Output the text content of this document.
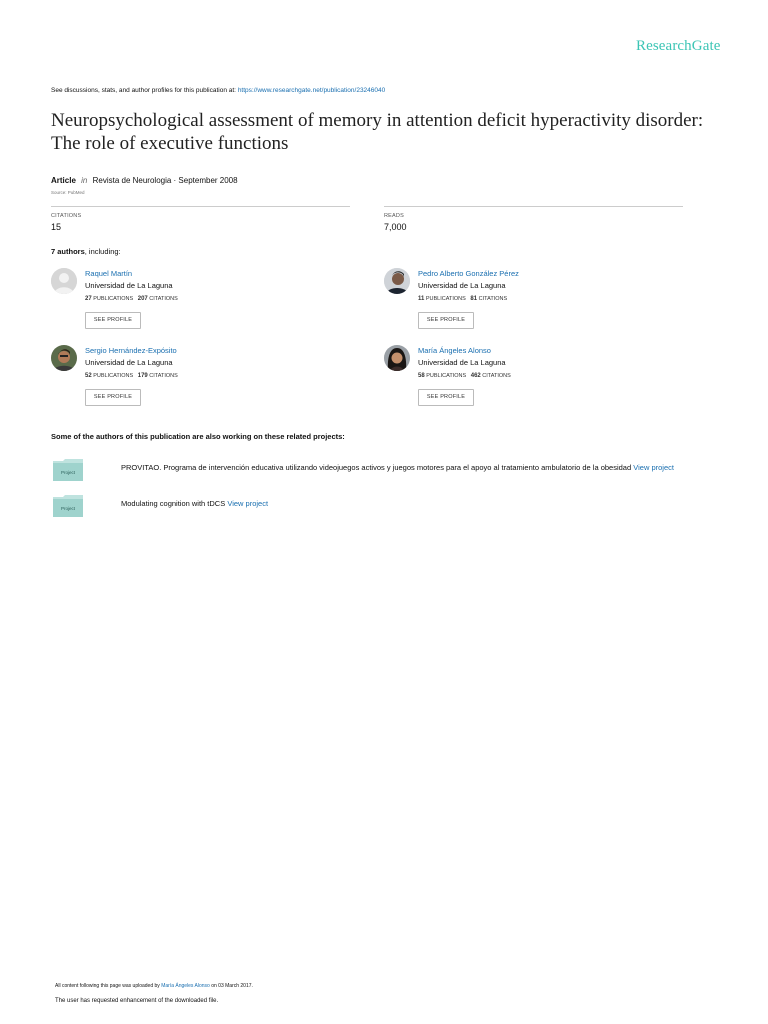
ResearchGate
See discussions, stats, and author profiles for this publication at: https://www.researchgate.net/publication/23246040
Neuropsychological assessment of memory in attention deficit hyperactivity disorder: The role of executive functions
Article in Revista de Neurologia · September 2008
Source: PubMed
CITATIONS
15
READS
7,000
7 authors, including:
Raquel Martín
Universidad de La Laguna
27 PUBLICATIONS 207 CITATIONS
SEE PROFILE
Pedro Alberto González Pérez
Universidad de La Laguna
11 PUBLICATIONS 81 CITATIONS
SEE PROFILE
Sergio Hernández-Expósito
Universidad de La Laguna
52 PUBLICATIONS 179 CITATIONS
SEE PROFILE
María Ángeles Alonso
Universidad de La Laguna
58 PUBLICATIONS 462 CITATIONS
SEE PROFILE
Some of the authors of this publication are also working on these related projects:
Project
PROVITAO. Programa de intervención educativa utilizando videojuegos activos y juegos motores para el apoyo al tratamiento ambulatorio de la obesidad View project
Project
Modulating cognition with tDCS View project
All content following this page was uploaded by María Ángeles Alonso on 03 March 2017.
The user has requested enhancement of the downloaded file.
